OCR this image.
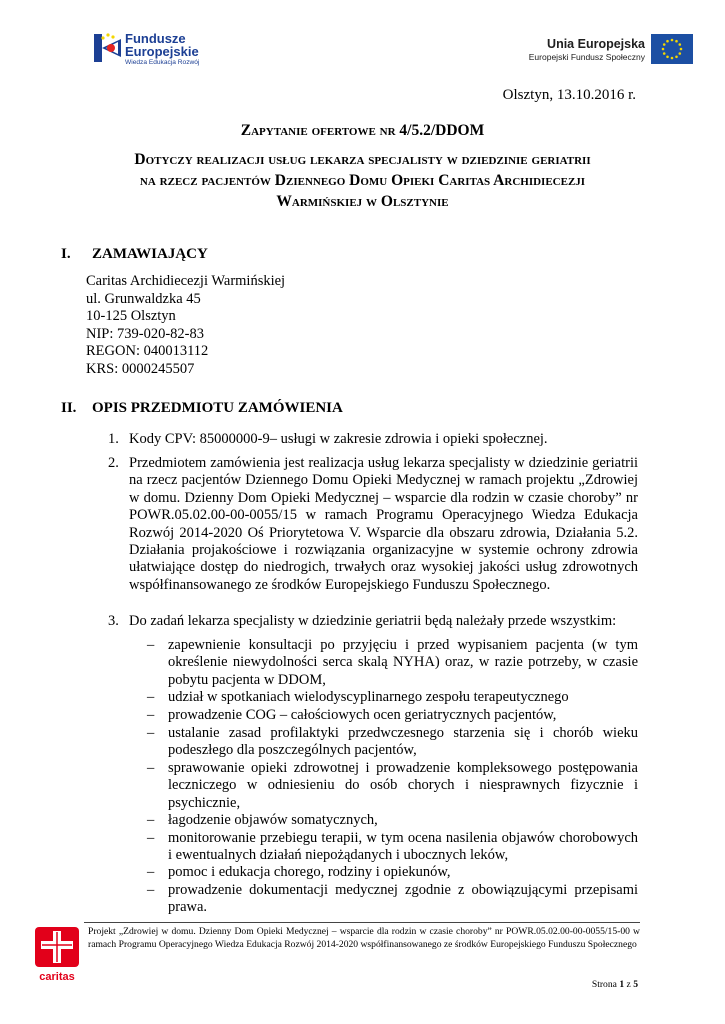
Fundusze
Europejskie
Wiedza Edukacja Rozwój
Unia Europejska
Europejski Fundusz Społeczny
Olsztyn, 13.10.2016 r.
Zapytanie ofertowe nr 4/5.2/DDOM
Dotyczy realizacji usług lekarza specjalisty w dziedzinie geriatrii
na rzecz pacjentów Dziennego Domu Opieki Caritas Archidiecezji
Warmińskiej w Olsztynie
I. ZAMAWIAJĄCY
Caritas Archidiecezji Warmińskiej
ul. Grunwaldzka 45
10-125 Olsztyn
NIP: 739-020-82-83
REGON: 040013112
KRS: 0000245507
II. OPIS PRZEDMIOTU ZAMÓWIENIA
1. Kody CPV: 85000000-9– usługi w zakresie zdrowia i opieki społecznej.
2. Przedmiotem zamówienia jest realizacja usług lekarza specjalisty w dziedzinie geriatrii na rzecz pacjentów Dziennego Domu Opieki Medycznej w ramach projektu „Zdrowiej w domu. Dzienny Dom Opieki Medycznej – wsparcie dla rodzin w czasie choroby” nr POWR.05.02.00-00-0055/15 w ramach Programu Operacyjnego Wiedza Edukacja Rozwój 2014-2020 Oś Priorytetowa V. Wsparcie dla obszaru zdrowia, Działania 5.2. Działania projakościowe i rozwiązania organizacyjne w systemie ochrony zdrowia ułatwiające dostęp do niedrogich, trwałych oraz wysokiej jakości usług zdrowotnych współfinansowanego ze środków Europejskiego Funduszu Społecznego.
3. Do zadań lekarza specjalisty w dziedzinie geriatrii będą należały przede wszystkim:
– zapewnienie konsultacji po przyjęciu i przed wypisaniem pacjenta (w tym określenie niewydolności serca skalą NYHA) oraz, w razie potrzeby, w czasie pobytu pacjenta w DDOM,
– udział w spotkaniach wielodyscyplinarnego zespołu terapeutycznego
– prowadzenie COG – całościowych ocen geriatrycznych pacjentów,
– ustalanie zasad profilaktyki przedwczesnego starzenia się i chorób wieku podeszłego dla poszczególnych pacjentów,
– sprawowanie opieki zdrowotnej i prowadzenie kompleksowego postępowania leczniczego w odniesieniu do osób chorych i niesprawnych fizycznie i psychicznie,
– łagodzenie objawów somatycznych,
– monitorowanie przebiegu terapii, w tym ocena nasilenia objawów chorobowych i ewentualnych działań niepożądanych i ubocznych leków,
– pomoc i edukacja chorego, rodziny i opiekunów,
– prowadzenie dokumentacji medycznej zgodnie z obowiązującymi przepisami prawa.
caritas
Projekt „Zdrowiej w domu. Dzienny Dom Opieki Medycznej – wsparcie dla rodzin w czasie choroby” nr POWR.05.02.00-00-0055/15-00 w ramach Programu Operacyjnego Wiedza Edukacja Rozwój 2014-2020 współfinansowanego ze środków Europejskiego Funduszu Społecznego
Strona 1 z 5
